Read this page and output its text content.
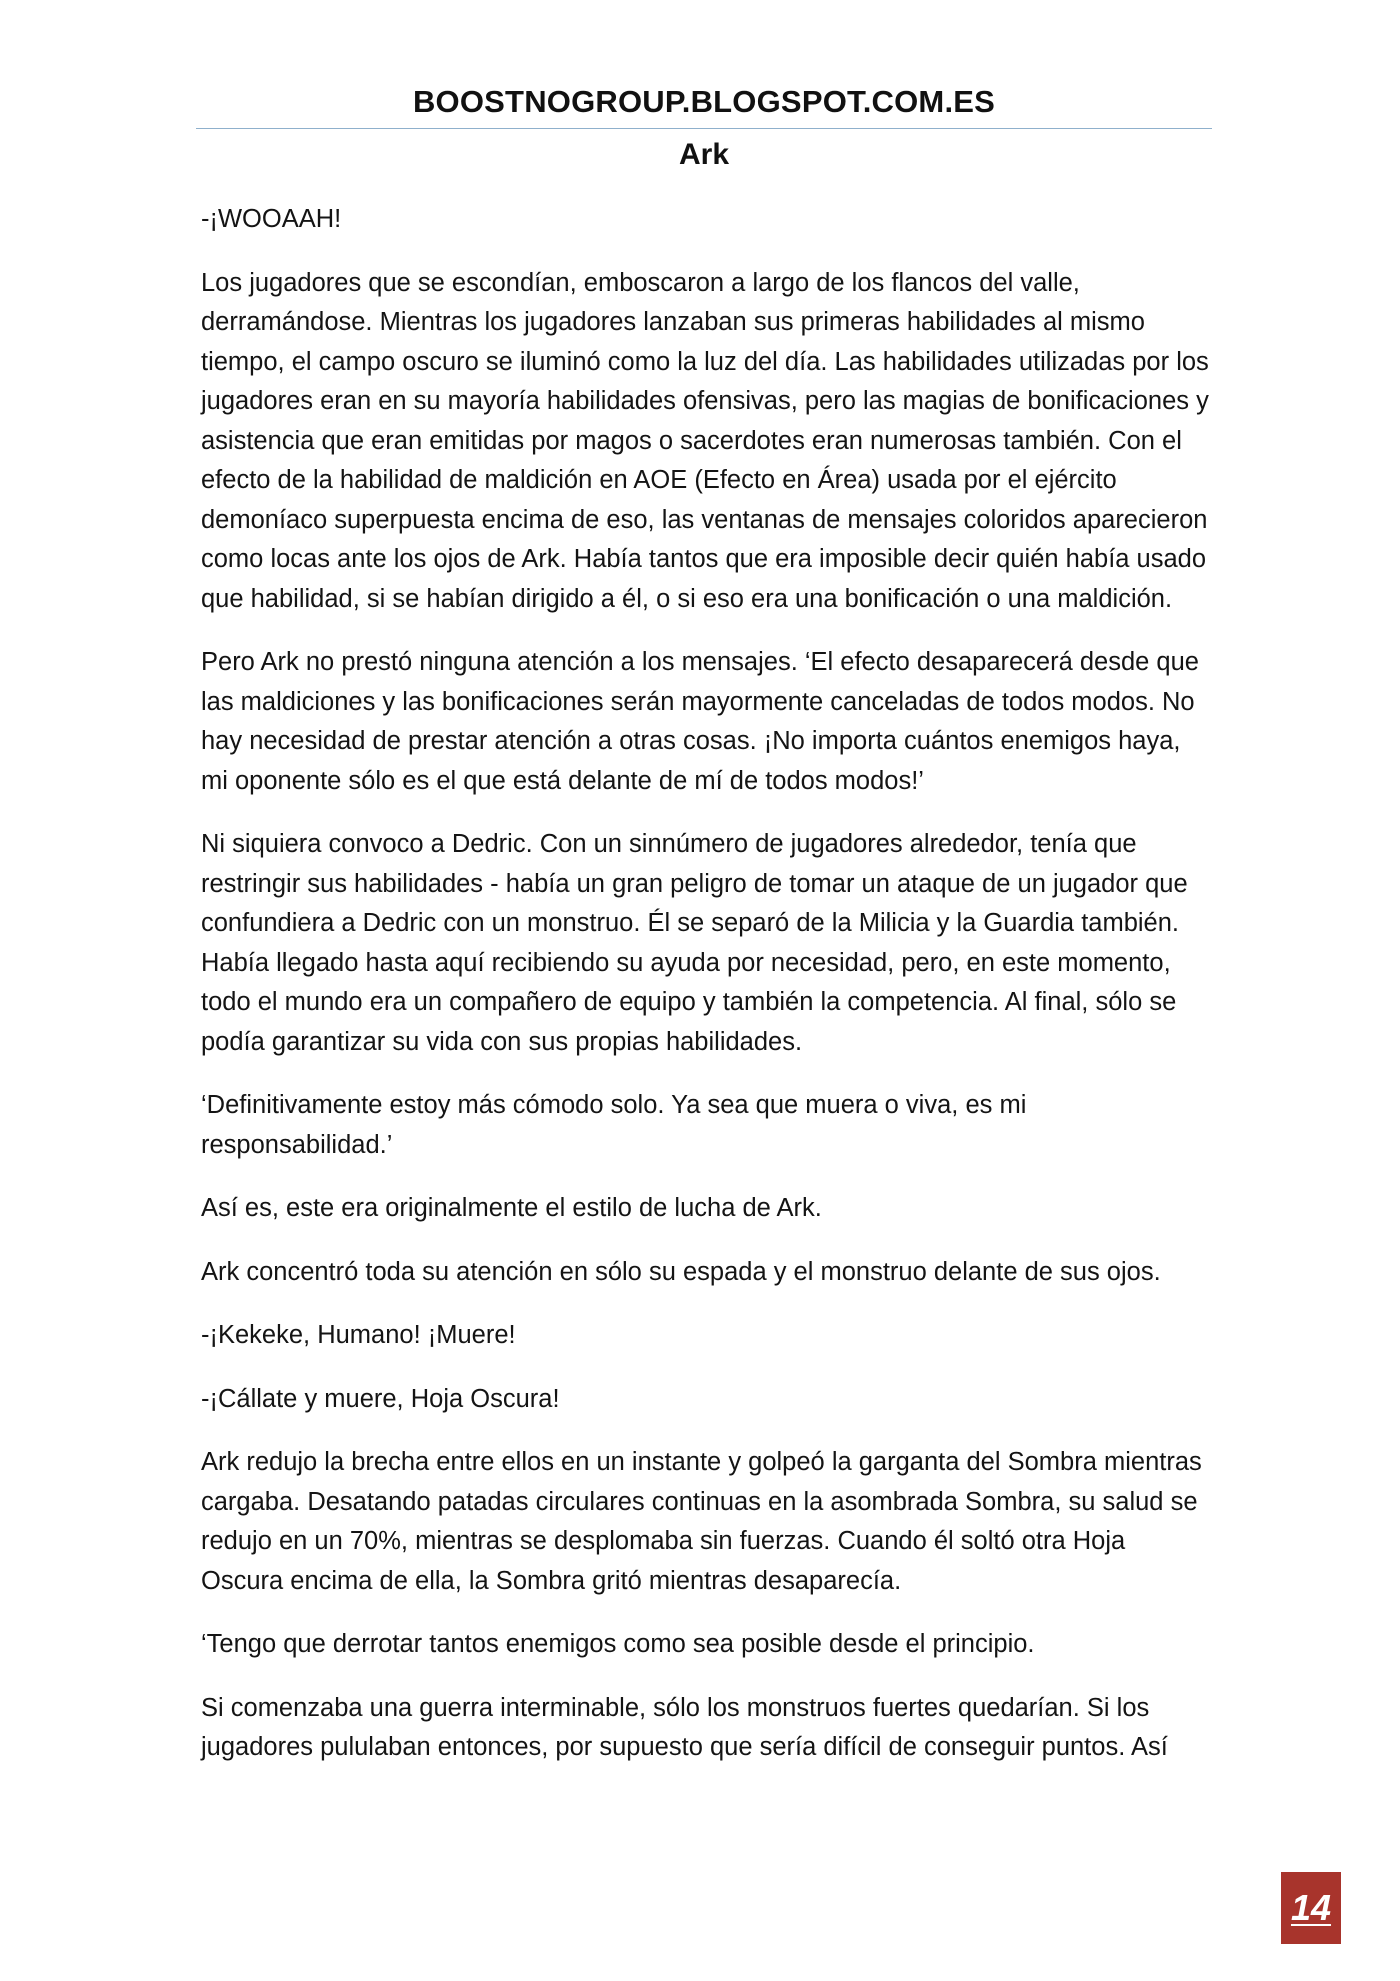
BOOSTNOGROUP.BLOGSPOT.COM.ES
Ark

-¡WOOAAH!

Los jugadores que se escondían, emboscaron a largo de los flancos del valle, derramándose. Mientras los jugadores lanzaban sus primeras habilidades al mismo tiempo, el campo oscuro se iluminó como la luz del día. Las habilidades utilizadas por los jugadores eran en su mayoría habilidades ofensivas, pero las magias de bonificaciones y asistencia que eran emitidas por magos o sacerdotes eran numerosas también. Con el efecto de la habilidad de maldición en AOE (Efecto en Área) usada por el ejército demoníaco superpuesta encima de eso, las ventanas de mensajes coloridos aparecieron como locas ante los ojos de Ark. Había tantos que era imposible decir quién había usado que habilidad, si se habían dirigido a él, o si eso era una bonificación o una maldición.

Pero Ark no prestó ninguna atención a los mensajes. ‘El efecto desaparecerá desde que las maldiciones y las bonificaciones serán mayormente canceladas de todos modos. No hay necesidad de prestar atención a otras cosas. ¡No importa cuántos enemigos haya, mi oponente sólo es el que está delante de mí de todos modos!’

Ni siquiera convoco a Dedric. Con un sinnúmero de jugadores alrededor, tenía que restringir sus habilidades - había un gran peligro de tomar un ataque de un jugador que confundiera a Dedric con un monstruo. Él se separó de la Milicia y la Guardia también. Había llegado hasta aquí recibiendo su ayuda por necesidad, pero, en este momento, todo el mundo era un compañero de equipo y también la competencia. Al final, sólo se podía garantizar su vida con sus propias habilidades.

‘Definitivamente estoy más cómodo solo. Ya sea que muera o viva, es mi responsabilidad.’

Así es, este era originalmente el estilo de lucha de Ark.

Ark concentró toda su atención en sólo su espada y el monstruo delante de sus ojos.

-¡Kekeke, Humano! ¡Muere!

-¡Cállate y muere, Hoja Oscura!

Ark redujo la brecha entre ellos en un instante y golpeó la garganta del Sombra mientras cargaba. Desatando patadas circulares continuas en la asombrada Sombra, su salud se redujo en un 70%, mientras se desplomaba sin fuerzas. Cuando él soltó otra Hoja Oscura encima de ella, la Sombra gritó mientras desaparecía.

‘Tengo que derrotar tantos enemigos como sea posible desde el principio.

Si comenzaba una guerra interminable, sólo los monstruos fuertes quedarían. Si los jugadores pululaban entonces, por supuesto que sería difícil de conseguir puntos. Así

14
